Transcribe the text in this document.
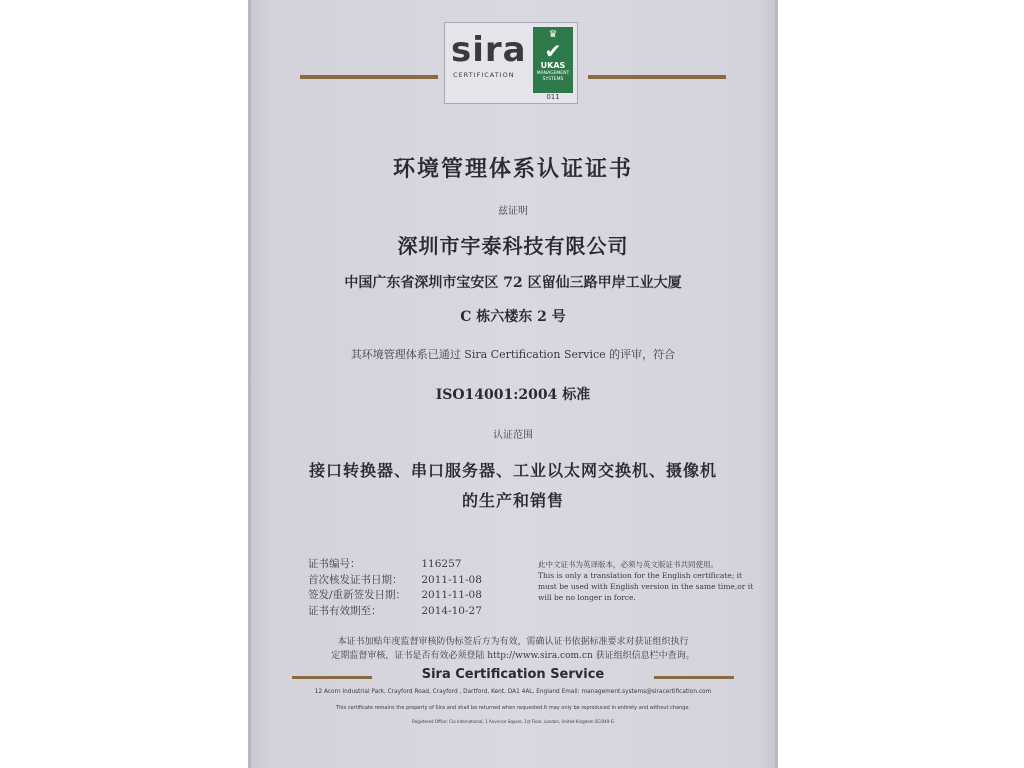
sira
CERTIFICATION
♛
✔
UKAS
MANAGEMENT SYSTEMS
011
环境管理体系认证证书
兹证明
深圳市宇泰科技有限公司
中国广东省深圳市宝安区 72 区留仙三路甲岸工业大厦
C 栋六楼东 2 号
其环境管理体系已通过 Sira Certification Service 的评审，符合
ISO14001:2004 标准
认证范围
接口转换器、串口服务器、工业以太网交换机、摄像机
的生产和销售
证书编号：	116257
首次核发证书日期： 2011-11-08
签发/重新签发日期： 2011-11-08
证书有效期至：	2014-10-27
此中文证书为英译版本，必须与英文版证书共同使用。
This is only a translation for the English certificate; it
must be used with English version in the same time,or it
will be no longer in force.
本证书加贴年度监督审核防伪标签后方为有效，需确认证书依据标准要求对获证组织执行
定期监督审核，证书是否有效必须登陆 http://www.sira.com.cn 获证组织信息栏中查询。
Sira Certification Service
12 Acorn Industrial Park, Crayford Road, Crayford , Dartford, Kent, DA1 4AL, England Email: management.systems@siracertification.com
This certificate remains the property of Sira and shall be returned when requested.It may only be reproduced in entirety and without change.
Registered Office: C/o International, 1 Anverice Square, 1st Floor, London, United Kingdom SC/049-G
